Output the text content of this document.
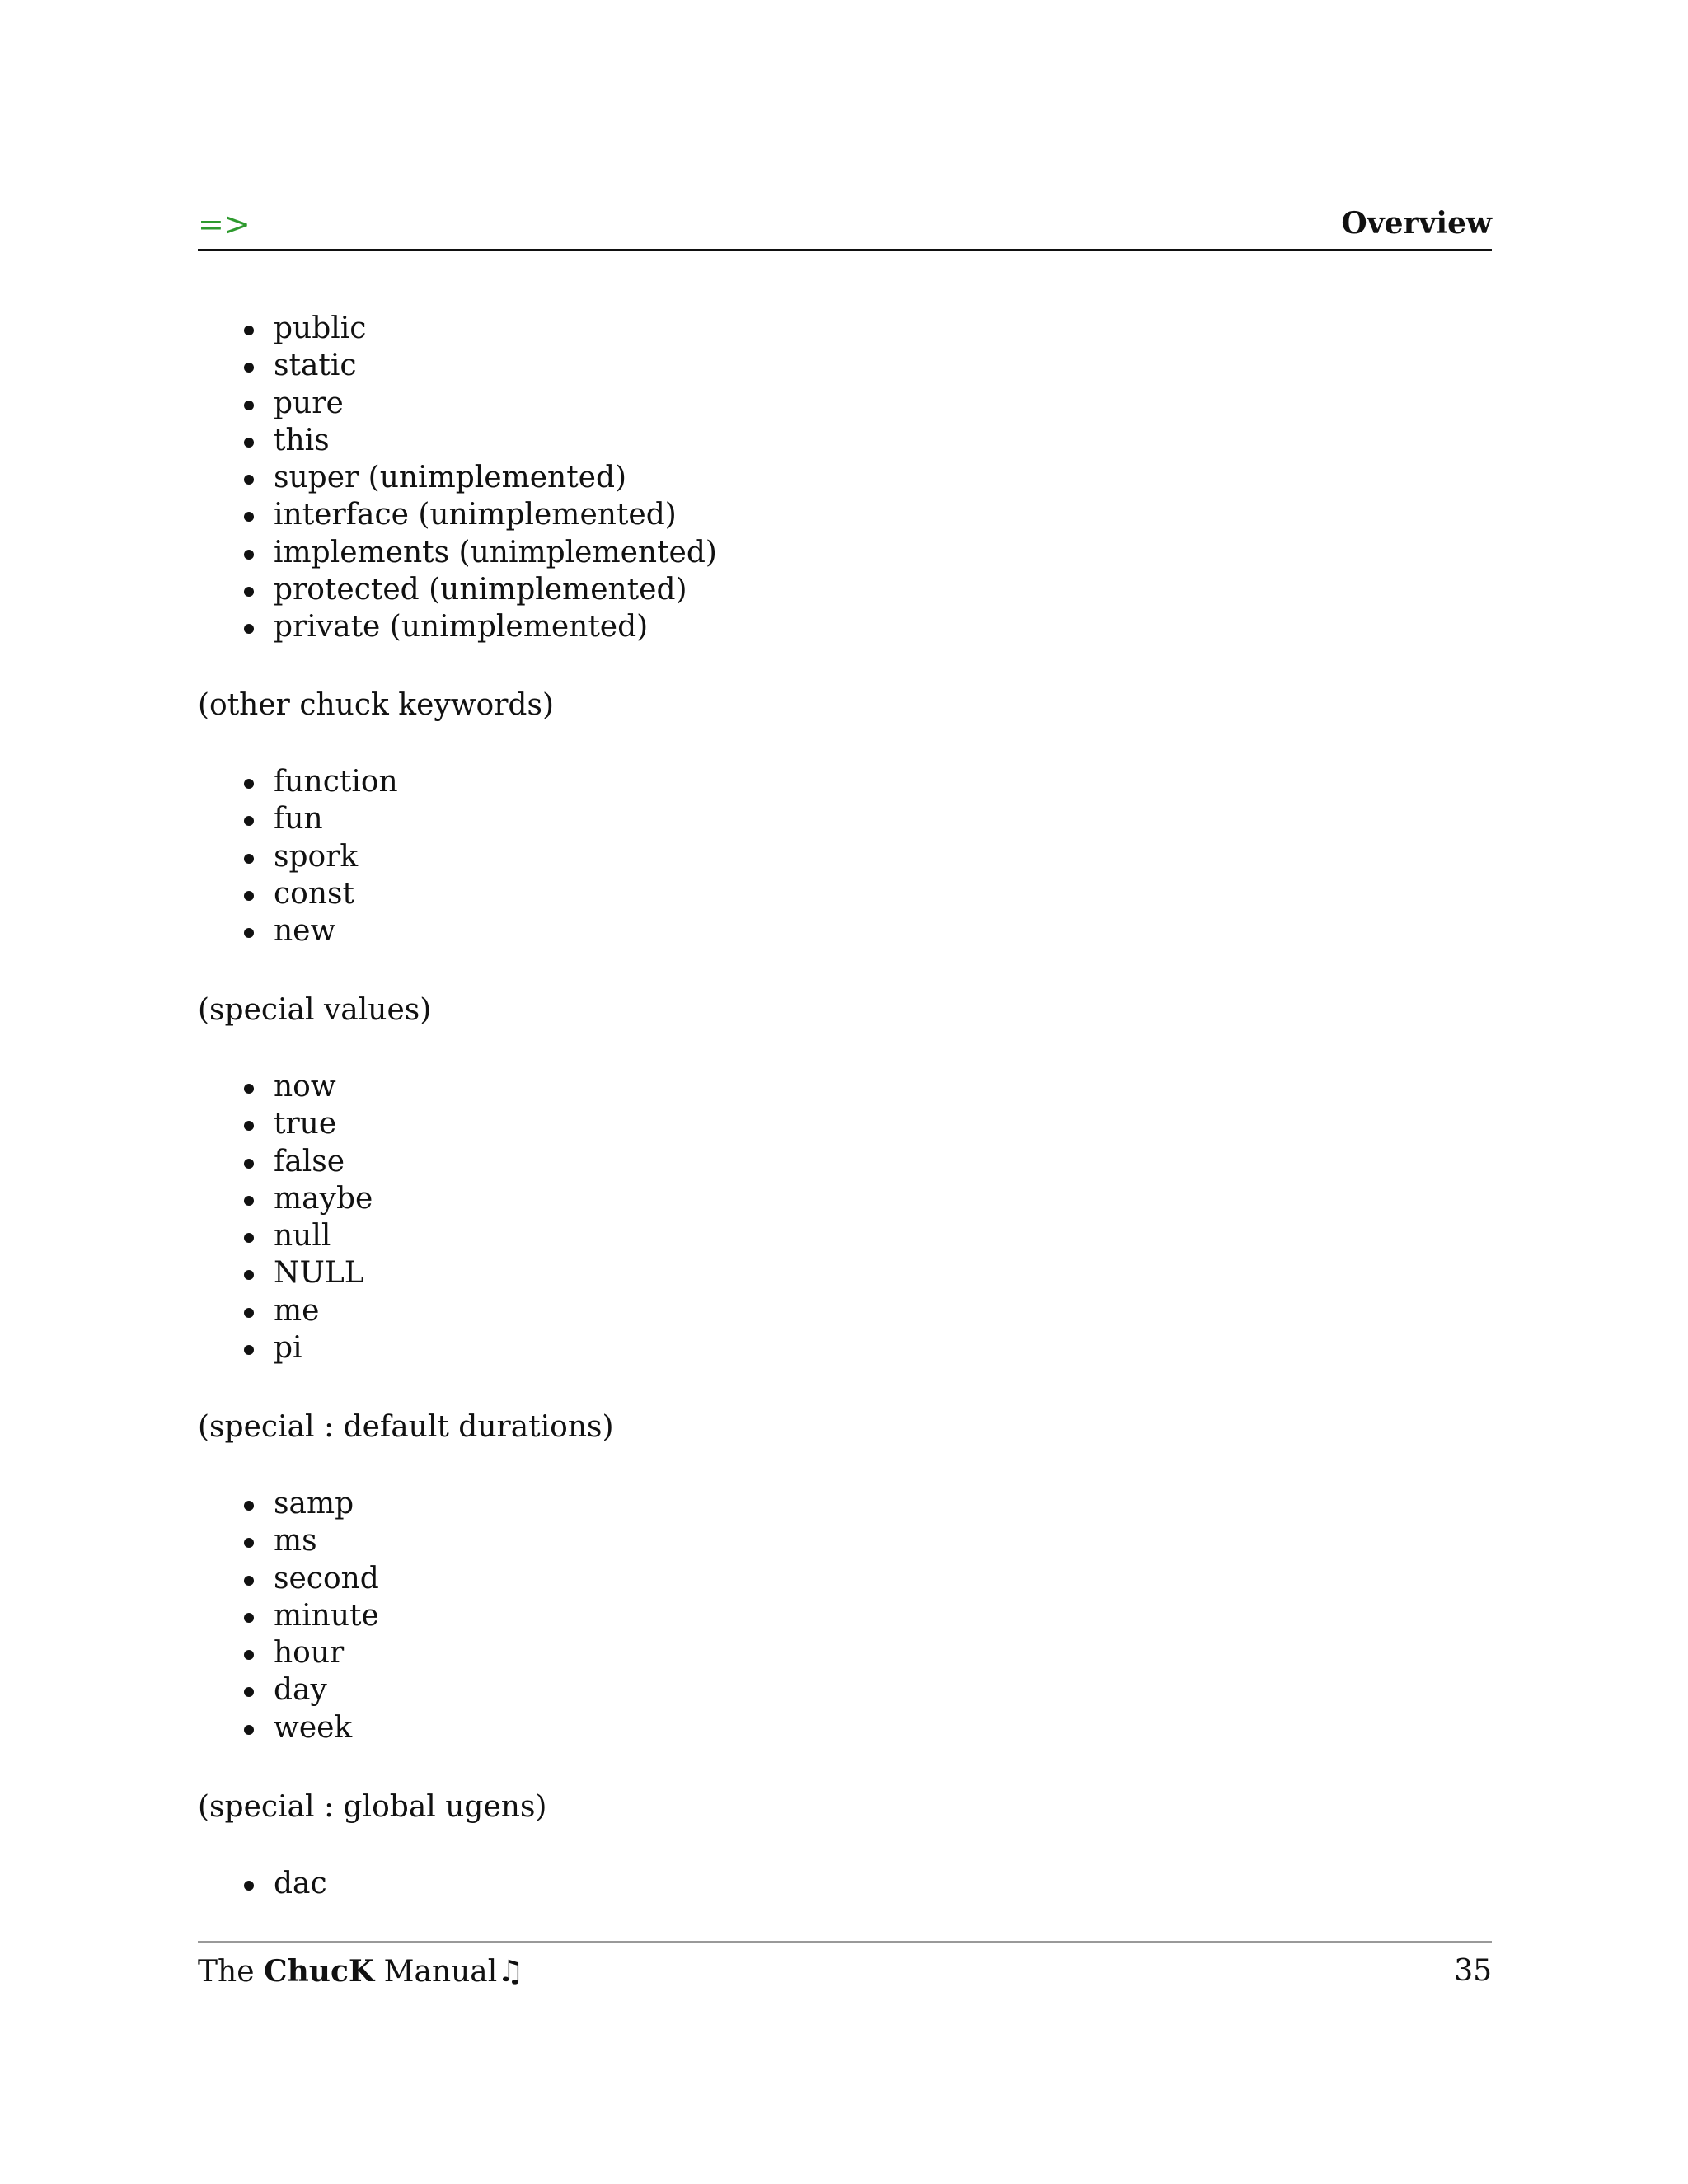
=>	Overview
public
static
pure
this
super (unimplemented)
interface (unimplemented)
implements (unimplemented)
protected (unimplemented)
private (unimplemented)
(other chuck keywords)
function
fun
spork
const
new
(special values)
now
true
false
maybe
null
NULL
me
pi
(special : default durations)
samp
ms
second
minute
hour
day
week
(special : global ugens)
dac
The ChucK Manual♫	35
